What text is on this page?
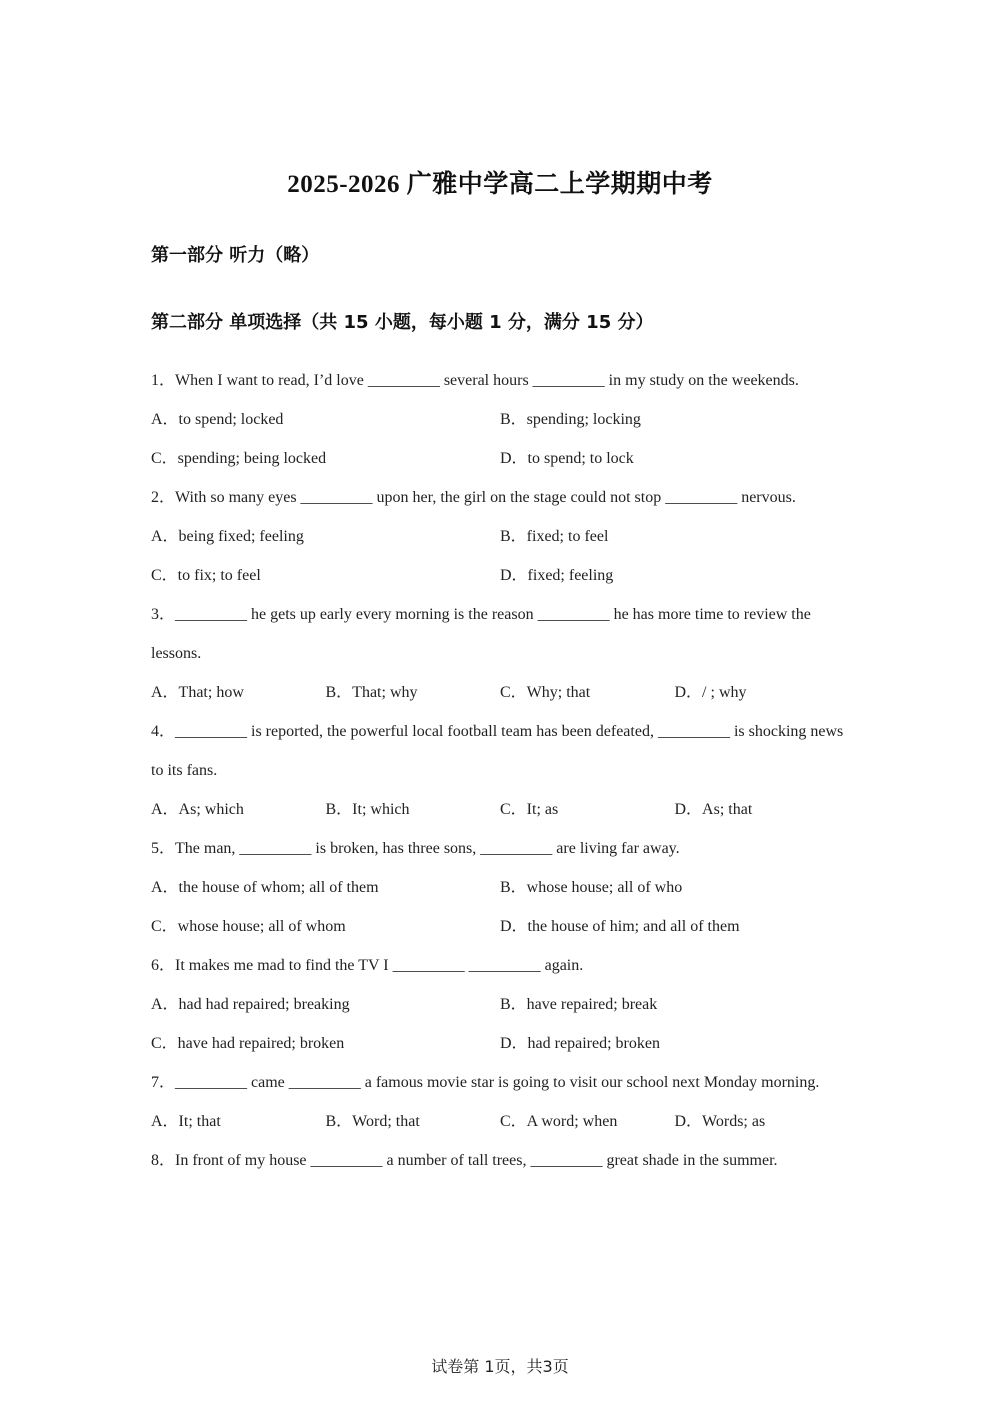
2025-2026 广雅中学高二上学期期中考
第一部分 听力（略）
第二部分 单项选择（共 15 小题，每小题 1 分，满分 15 分）
1．When I want to read, I’d love _________ several hours _________ in my study on the weekends.
A．to spend; locked	B．spending; locking
C．spending; being locked	D．to spend; to lock
2．With so many eyes _________ upon her, the girl on the stage could not stop _________ nervous.
A．being fixed; feeling	B．fixed; to feel
C．to fix; to feel	D．fixed; feeling
3．_________ he gets up early every morning is the reason _________ he has more time to review the lessons.
A．That; how	B．That; why	C．Why; that	D．/ ; why
4．_________ is reported, the powerful local football team has been defeated, _________ is shocking news to its fans.
A．As; which	B．It; which	C．It; as	D．As; that
5．The man, _________ is broken, has three sons, _________ are living far away.
A．the house of whom; all of them	B．whose house; all of who
C．whose house; all of whom	D．the house of him; and all of them
6．It makes me mad to find the TV I _________ _________ again.
A．had had repaired; breaking	B．have repaired; break
C．have had repaired; broken	D．had repaired; broken
7．_________ came _________ a famous movie star is going to visit our school next Monday morning.
A．It; that	B．Word; that	C．A word; when	D．Words; as
8．In front of my house _________ a number of tall trees, _________ great shade in the summer.
试卷第 1页，共3页
